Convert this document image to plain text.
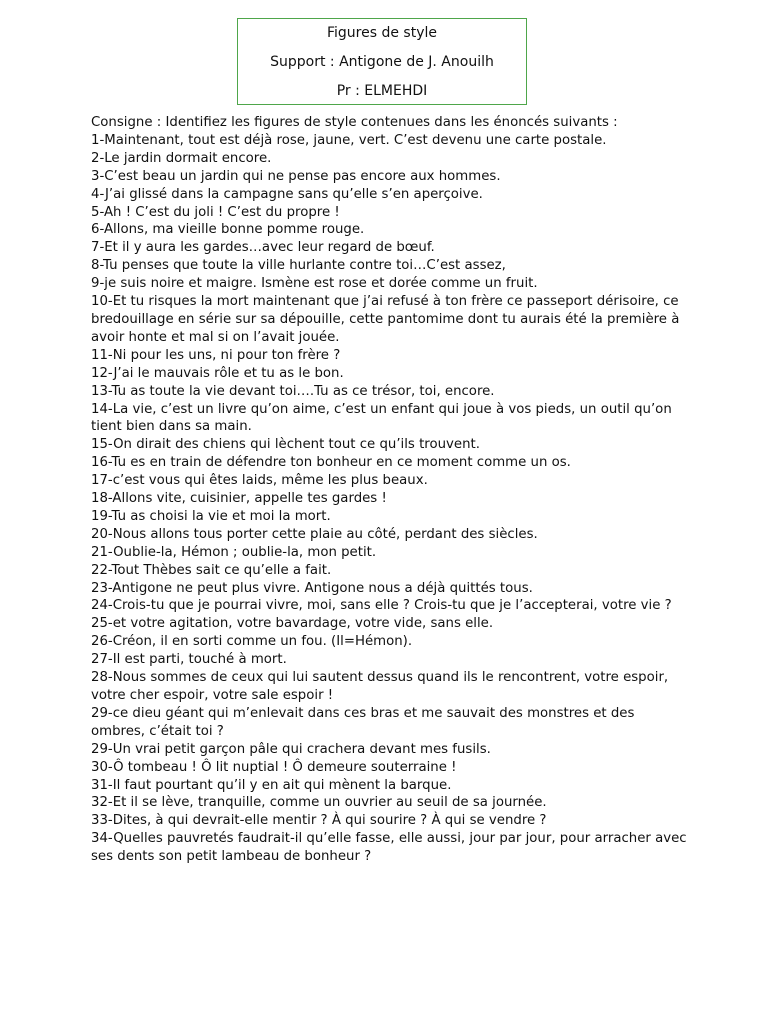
Figures de style
Support : Antigone de J. Anouilh
Pr : ELMEHDI

Consigne : Identifiez les figures de style contenues dans les énoncés suivants :

1-Maintenant, tout est déjà rose, jaune, vert. C’est devenu une carte postale.

2-Le jardin dormait encore.

3-C’est beau un jardin qui ne pense pas encore aux hommes.

4-J’ai glissé dans la campagne sans qu’elle s’en aperçoive.

5-Ah ! C’est du joli ! C’est du propre !

6-Allons, ma vieille bonne pomme rouge.

7-Et il y aura les gardes…avec leur regard de bœuf.

8-Tu penses que toute la ville hurlante contre toi…C’est assez,

9-je suis noire et maigre. Ismène est rose et dorée comme un fruit.

10-Et tu risques la mort maintenant que j’ai refusé à ton frère ce passeport dérisoire, ce bredouillage en série sur sa dépouille, cette pantomime dont tu aurais été la première à avoir honte et mal si on l’avait jouée.

11-Ni pour les uns, ni pour ton frère ?

12-J’ai le mauvais rôle et tu as le bon.

13-Tu as toute la vie devant toi….Tu as ce trésor, toi, encore.

14-La vie, c’est un livre qu’on aime, c’est un enfant qui joue à vos pieds, un outil qu’on tient bien dans sa main.

15-On dirait des chiens qui lèchent tout ce qu’ils trouvent.

16-Tu es en train de défendre ton bonheur en ce moment comme un os.

17-c’est vous qui êtes laids, même les plus beaux.

18-Allons vite, cuisinier, appelle tes gardes !

19-Tu as choisi la vie et moi la mort.

20-Nous allons tous porter cette plaie au côté, perdant des siècles.

21-Oublie-la, Hémon ; oublie-la, mon petit.

22-Tout Thèbes sait ce qu’elle a fait.

23-Antigone ne peut plus vivre. Antigone nous a déjà quittés tous.

24-Crois-tu que je pourrai vivre, moi, sans elle ? Crois-tu que je l’accepterai, votre vie ? 25-et votre agitation, votre bavardage, votre vide, sans elle.

26-Créon, il en sorti comme un fou. (Il=Hémon).

27-Il est parti, touché à mort.

28-Nous sommes de ceux qui lui sautent dessus quand ils le rencontrent, votre espoir, votre cher espoir, votre sale espoir !

29-ce dieu géant qui m’enlevait dans ces bras et me sauvait des monstres et des ombres, c’était toi ?

29-Un vrai petit garçon pâle qui crachera devant mes fusils.

30-Ô tombeau ! Ô lit nuptial ! Ô demeure souterraine !

31-Il faut pourtant qu’il y en ait qui mènent la barque.

32-Et il se lève, tranquille, comme un ouvrier au seuil de sa journée.

33-Dites, à qui devrait-elle mentir ? À qui sourire ? À qui se vendre ?

34-Quelles pauvretés faudrait-il qu’elle fasse, elle aussi, jour par jour, pour arracher avec ses dents son petit lambeau de bonheur ?
